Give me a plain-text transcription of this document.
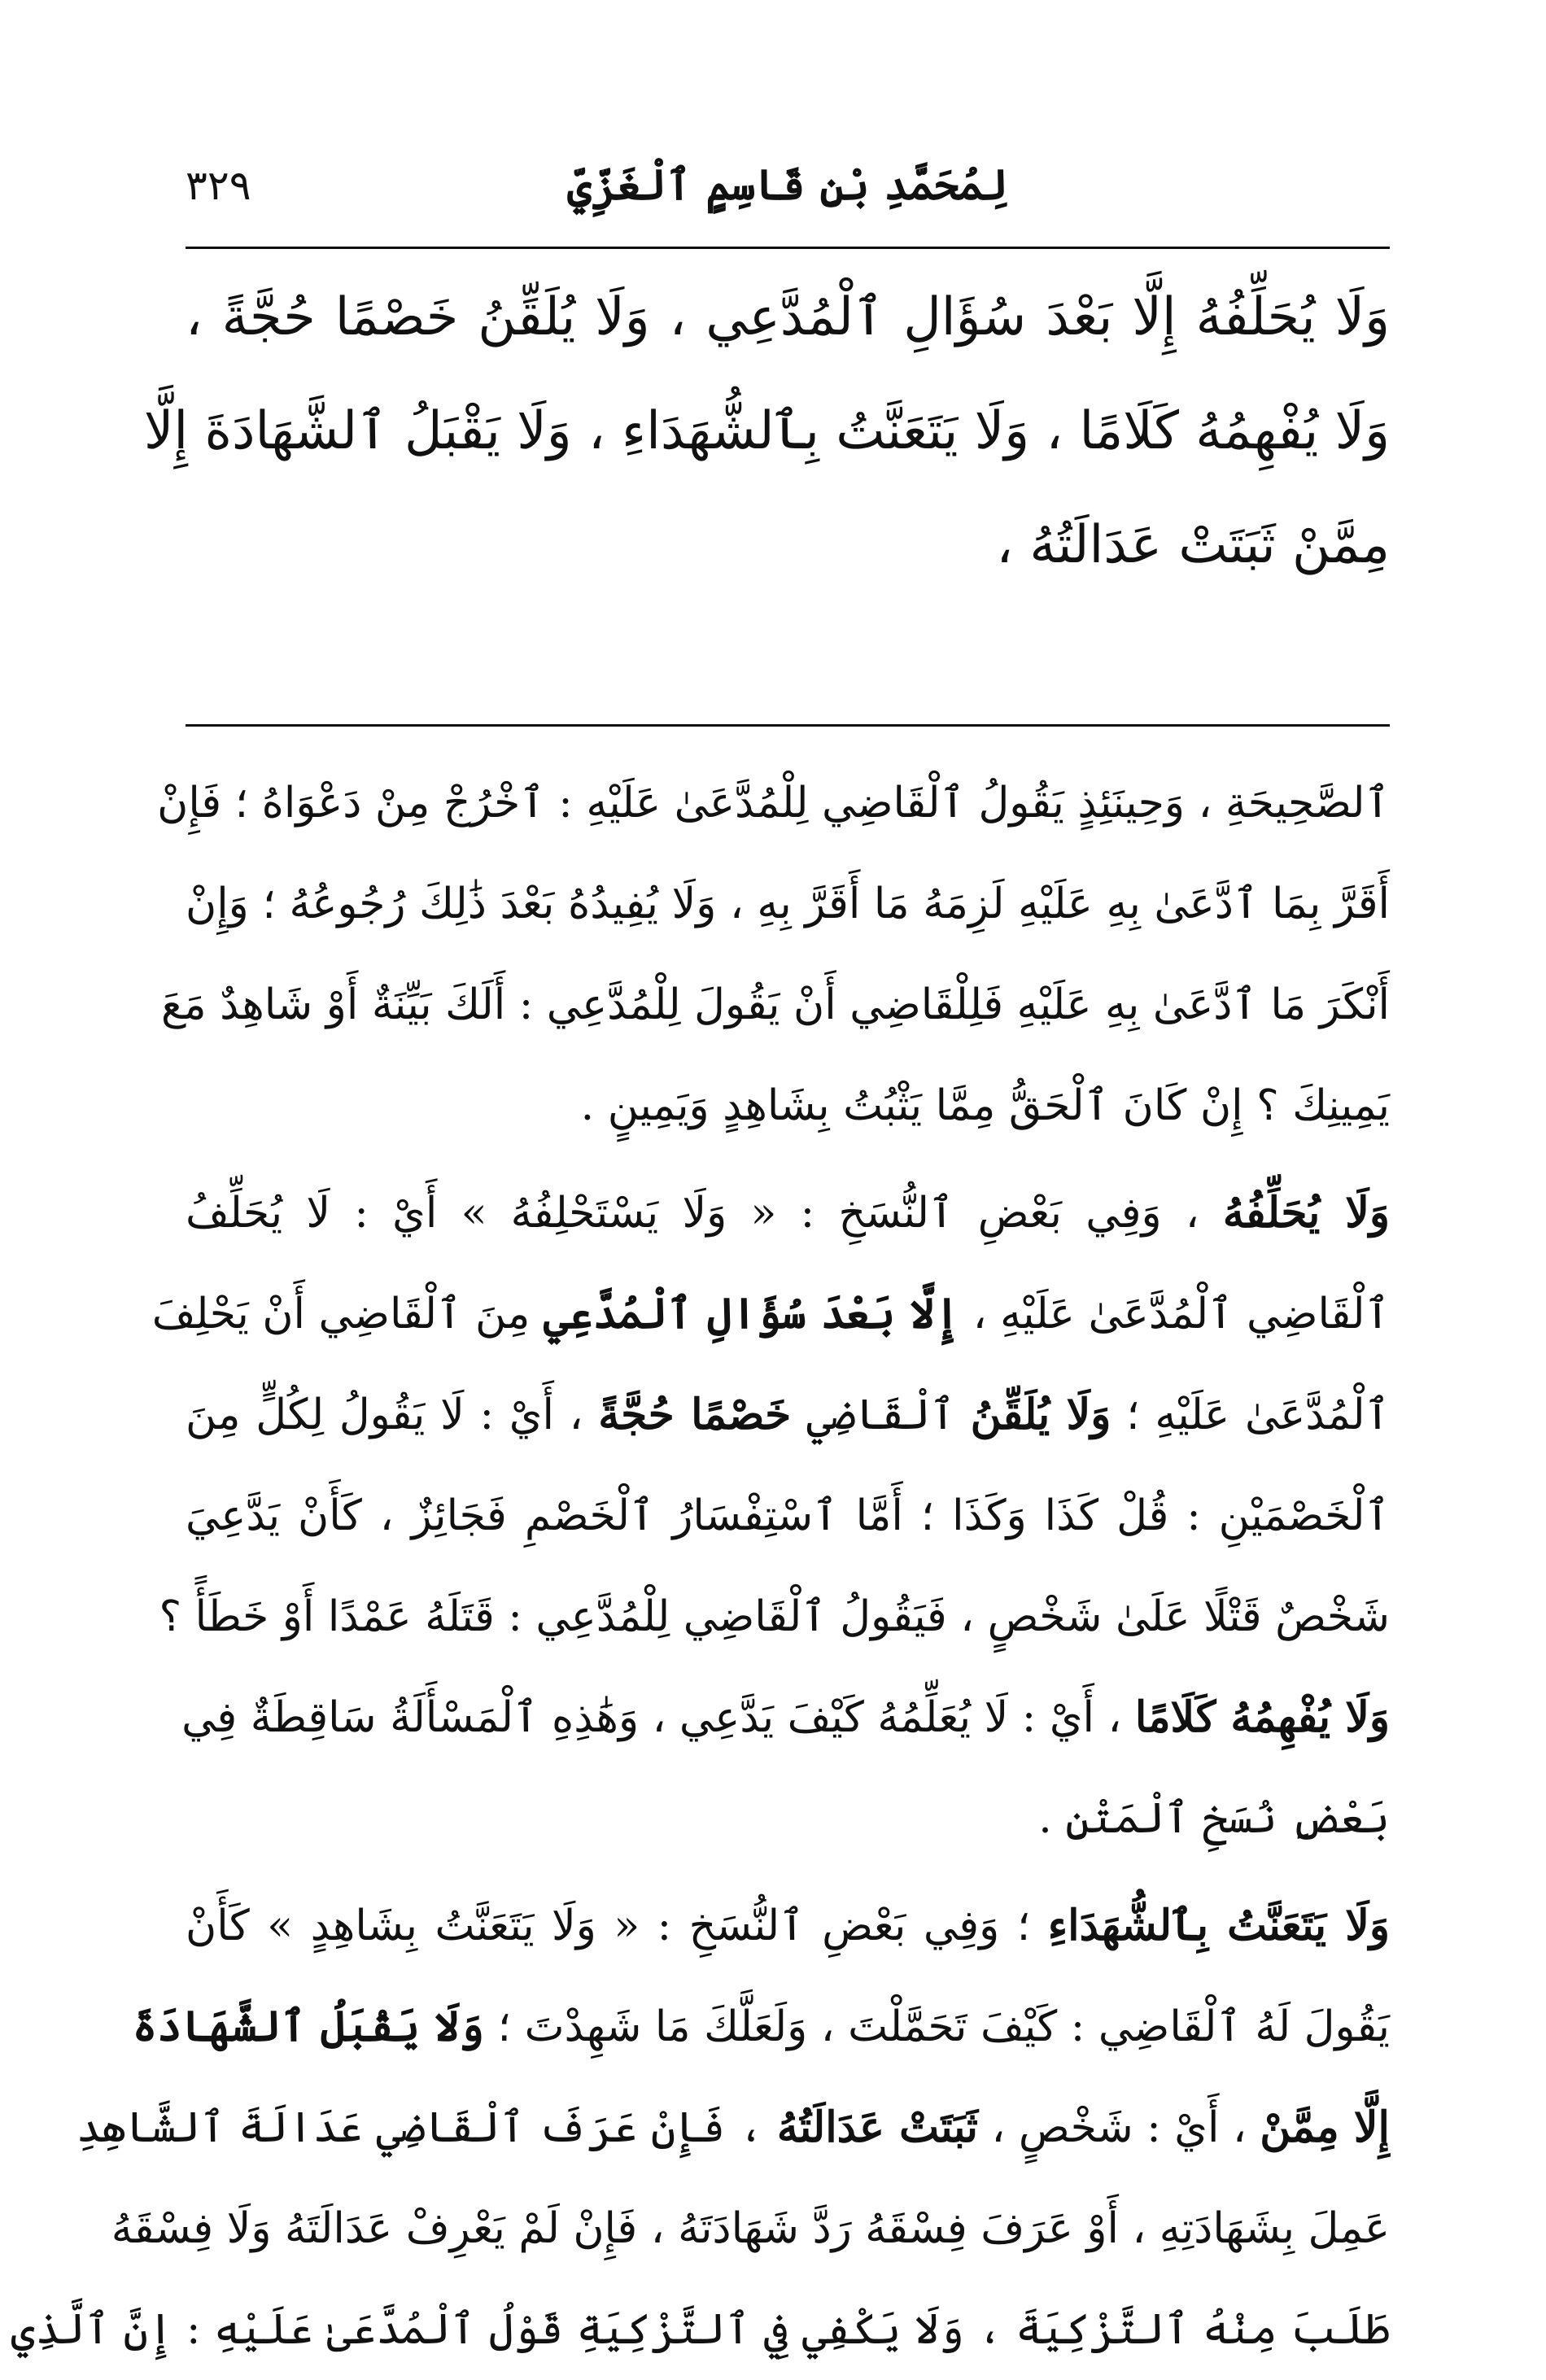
٣٢٩	لِمُحَمَّدِ بْنِ قَاسِمٍ ٱلْغَزِّيِّ
وَلَا يُحَلِّفُهُ إِلَّا بَعْدَ سُؤَالِ ٱلْمُدَّعِي ، وَلَا يُلَقِّنُ خَصْمًا حُجَّةً ،
وَلَا يُفْهِمُهُ كَلَامًا ، وَلَا يَتَعَنَّتُ بِٱلشُّهَدَاءِ ، وَلَا يَقْبَلُ ٱلشَّهَادَةَ إِلَّا
مِمَّنْ ثَبَتَتْ عَدَالَتُهُ ،
ٱلصَّحِيحَةِ ، وَحِينَئِذٍ يَقُولُ ٱلْقَاضِي لِلْمُدَّعَىٰ عَلَيْهِ : ٱخْرُجْ مِنْ دَعْوَاهُ ؛ فَإِنْ
أَقَرَّ بِمَا ٱدَّعَىٰ بِهِ عَلَيْهِ لَزِمَهُ مَا أَقَرَّ بِهِ ، وَلَا يُفِيدُهُ بَعْدَ ذَٰلِكَ رُجُوعُهُ ؛ وَإِنْ
أَنْكَرَ مَا ٱدَّعَىٰ بِهِ عَلَيْهِ فَلِلْقَاضِي أَنْ يَقُولَ لِلْمُدَّعِي : أَلَكَ بَيِّنَةٌ أَوْ شَاهِدٌ مَعَ
يَمِينِكَ ؟ إِنْ كَانَ ٱلْحَقُّ مِمَّا يَثْبُتُ بِشَاهِدٍ وَيَمِينٍ .
وَلَا يُحَلِّفُهُ ، وَفِي بَعْضِ ٱلنُّسَخِ : « وَلَا يَسْتَحْلِفُهُ » أَيْ : لَا يُحَلِّفُ
ٱلْقَاضِي ٱلْمُدَّعَىٰ عَلَيْهِ ، إِلَّا بَعْدَ سُؤَالِ ٱلْمُدَّعِي مِنَ ٱلْقَاضِي أَنْ يَحْلِفَ
ٱلْمُدَّعَىٰ عَلَيْهِ ؛ وَلَا يُلَقِّنُ ٱلْقَاضِي خَصْمًا حُجَّةً ، أَيْ : لَا يَقُولُ لِكُلٍّ مِنَ
ٱلْخَصْمَيْنِ : قُلْ كَذَا وَكَذَا ؛ أَمَّا ٱسْتِفْسَارُ ٱلْخَصْمِ فَجَائِزٌ ، كَأَنْ يَدَّعِيَ
شَخْصٌ قَتْلًا عَلَىٰ شَخْصٍ ، فَيَقُولُ ٱلْقَاضِي لِلْمُدَّعِي : قَتَلَهُ عَمْدًا أَوْ خَطَأً ؟
وَلَا يُفْهِمُهُ كَلَامًا ، أَيْ : لَا يُعَلِّمُهُ كَيْفَ يَدَّعِي ، وَهَٰذِهِ ٱلْمَسْأَلَةُ سَاقِطَةٌ فِي
بَعْضِ نُسَخِ ٱلْمَتْنِ .
وَلَا يَتَعَنَّتُ بِٱلشُّهَدَاءِ ؛ وَفِي بَعْضِ ٱلنُّسَخِ : « وَلَا يَتَعَنَّتُ بِشَاهِدٍ » كَأَنْ
يَقُولَ لَهُ ٱلْقَاضِي : كَيْفَ تَحَمَّلْتَ ، وَلَعَلَّكَ مَا شَهِدْتَ ؛ وَلَا يَقْبَلُ ٱلشَّهَادَةَ
إِلَّا مِمَّنْ ، أَيْ : شَخْصٍ ، ثَبَتَتْ عَدَالَتُهُ ، فَإِنْ عَرَفَ ٱلْقَاضِي عَدَالَةَ ٱلشَّاهِدِ
عَمِلَ بِشَهَادَتِهِ ، أَوْ عَرَفَ فِسْقَهُ رَدَّ شَهَادَتَهُ ، فَإِنْ لَمْ يَعْرِفْ عَدَالَتَهُ وَلَا فِسْقَهُ
طَلَبَ مِنْهُ ٱلتَّزْكِيَةَ ، وَلَا يَكْفِي فِي ٱلتَّزْكِيَةِ قَوْلُ ٱلْمُدَّعَىٰ عَلَيْهِ : إِنَّ ٱلَّذِي
